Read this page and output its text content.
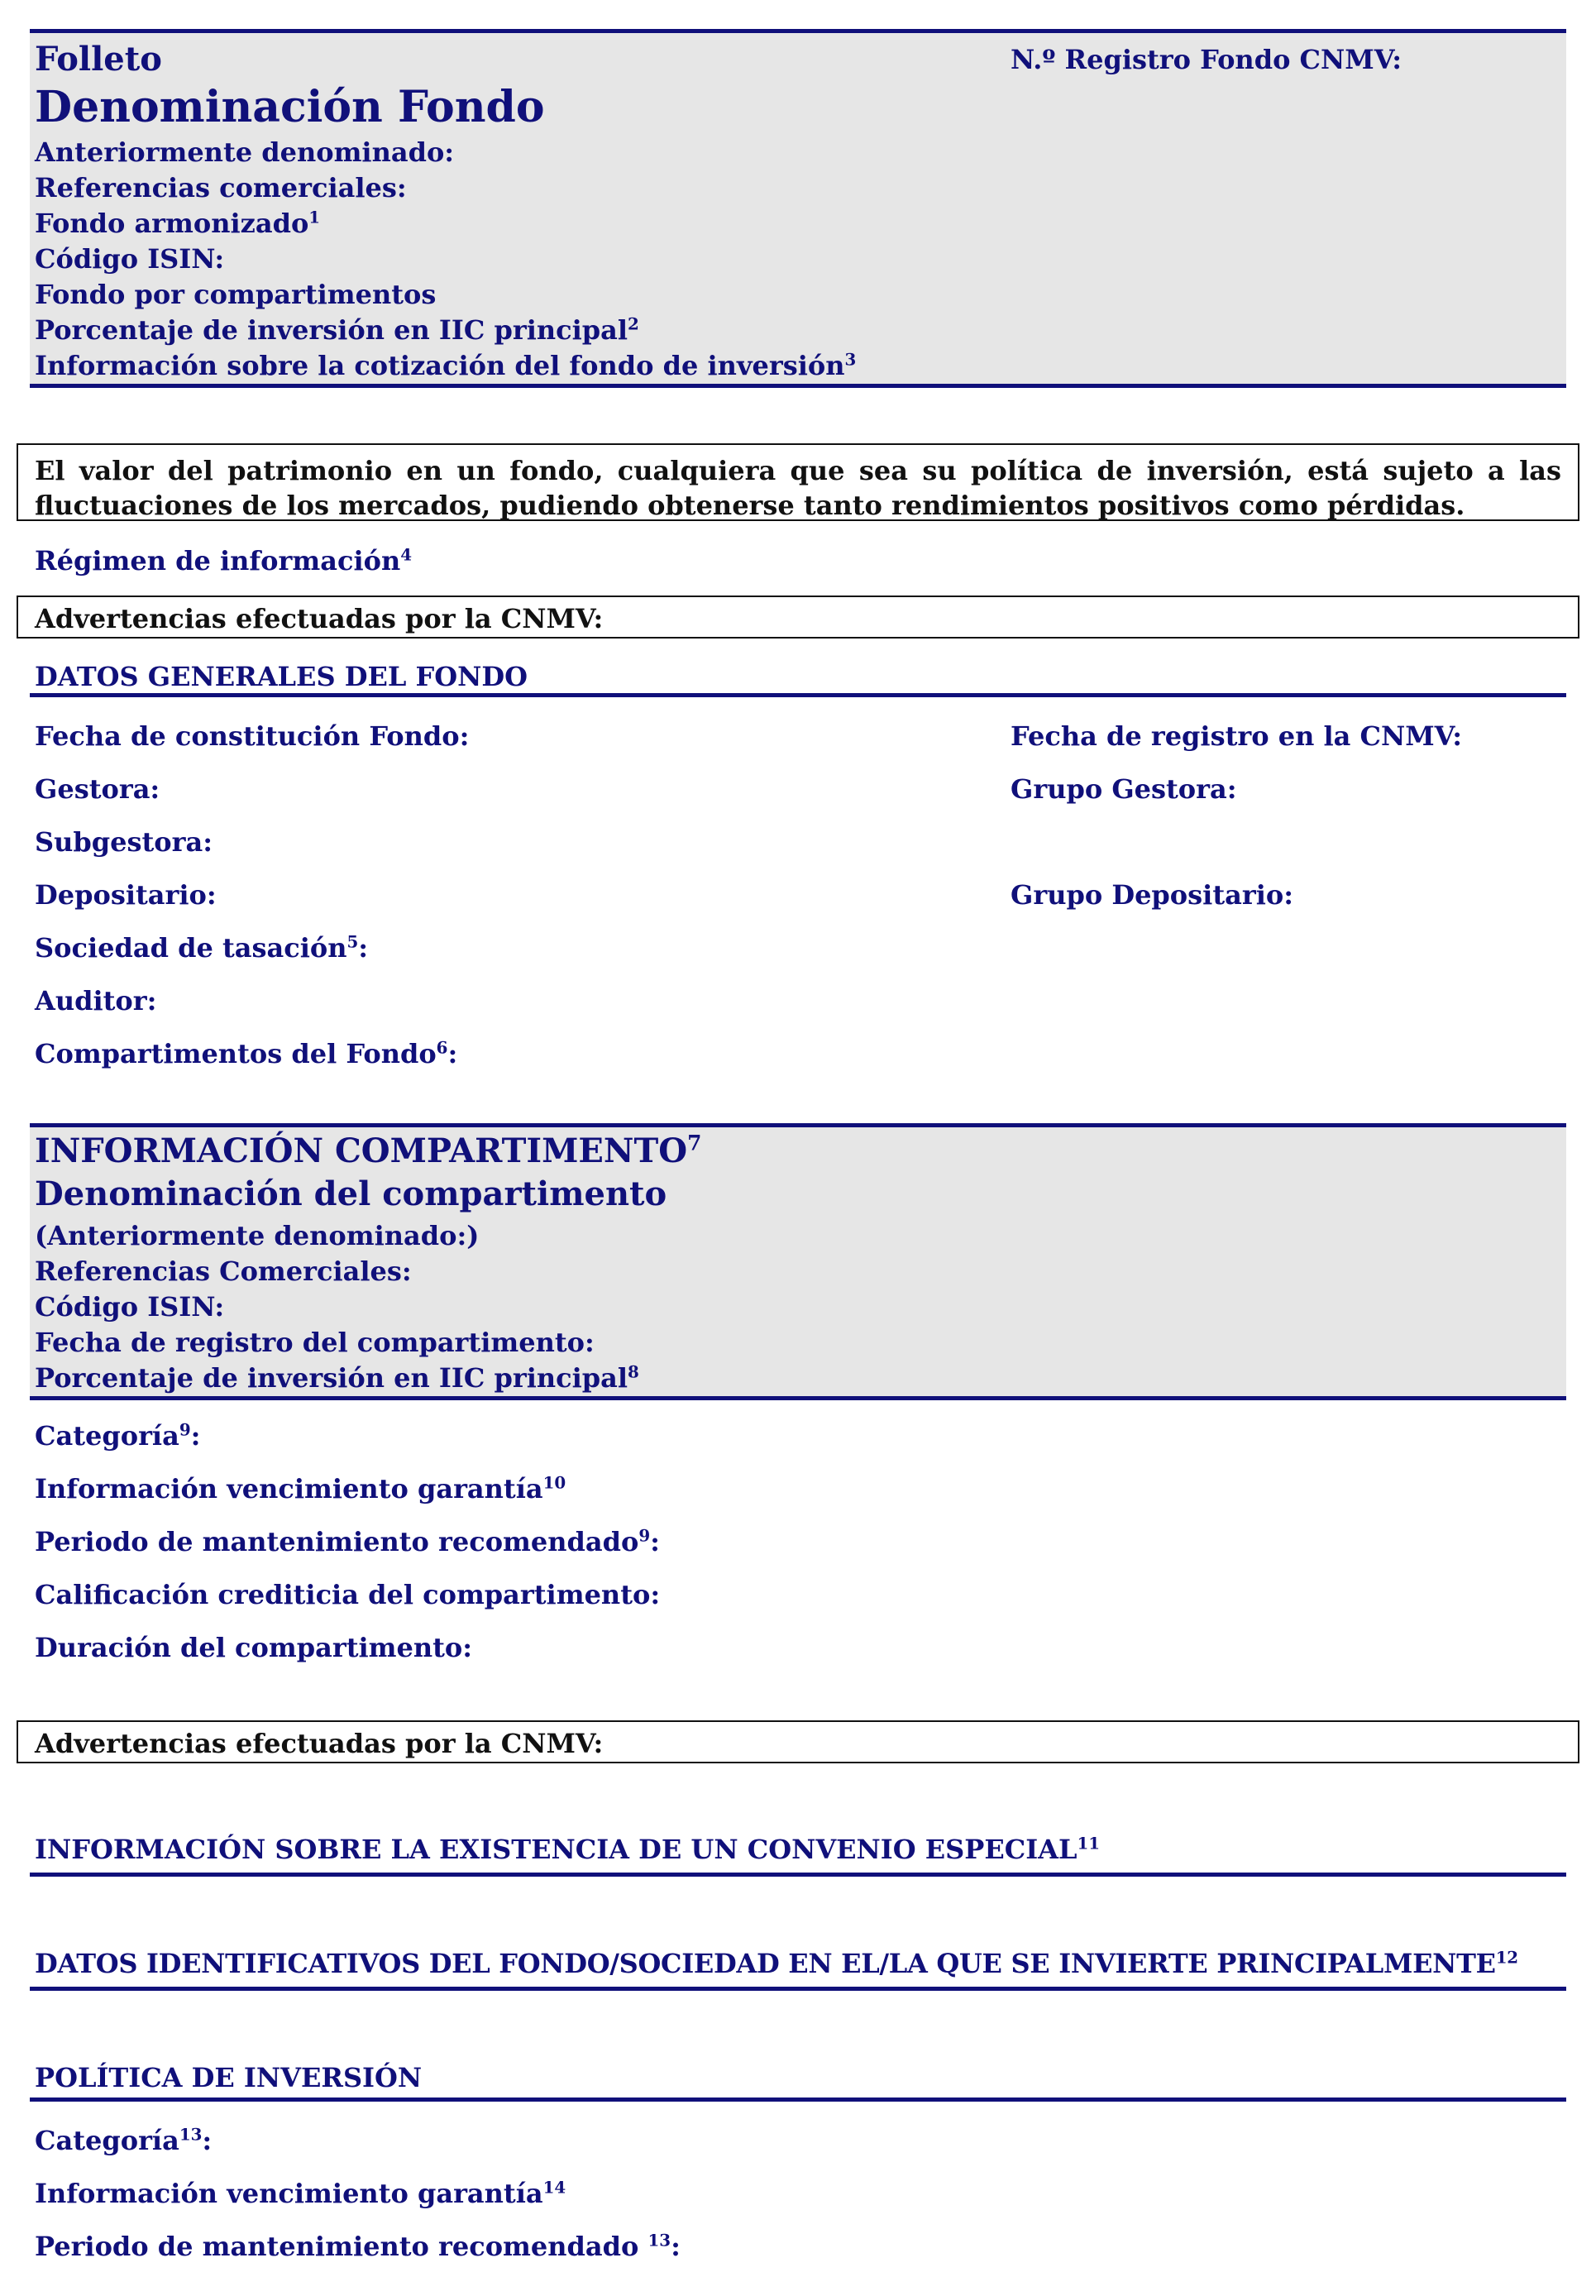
Folleto	N.º Registro Fondo CNMV:
Denominación Fondo
Anteriormente denominado:
Referencias comerciales:
Fondo armonizado$^1$
Código ISIN:
Fondo por compartimentos
Porcentaje de inversión en IIC principal$^2$
Información sobre la cotización del fondo de inversión$^3$
El valor del patrimonio en un fondo, cualquiera que sea su política de inversión, está sujeto a las
fluctuaciones de los mercados, pudiendo obtenerse tanto rendimientos positivos como pérdidas.
Régimen de información$^4$
Advertencias efectuadas por la CNMV:
DATOS GENERALES DEL FONDO
Fecha de constitución Fondo:
Gestora:
Subgestora:
Depositario:
Sociedad de tasación$^5$:
Auditor:
Compartimentos del Fondo$^6$:
Fecha de registro en la CNMV:
Grupo Gestora:
Grupo Depositario:
INFORMACIÓN COMPARTIMENTO$^7$
Denominación del compartimento
(Anteriormente denominado:)
Referencias Comerciales:
Código ISIN:
Fecha de registro del compartimento:
Porcentaje de inversión en IIC principal$^8$
Categoría$^9$:
Información vencimiento garantía$^{10}$
Periodo de mantenimiento recomendado$^9$:
Calificación crediticia del compartimento:
Duración del compartimento:
Advertencias efectuadas por la CNMV:
INFORMACIÓN SOBRE LA EXISTENCIA DE UN CONVENIO ESPECIAL$^{11}$
DATOS IDENTIFICATIVOS DEL FONDO/SOCIEDAD EN EL/LA QUE SE INVIERTE PRINCIPALMENTE$^{12}$
POLÍTICA DE INVERSIÓN
Categoría$^{13}$:
Información vencimiento garantía$^{14}$
Periodo de mantenimiento recomendado $^{13}$:
